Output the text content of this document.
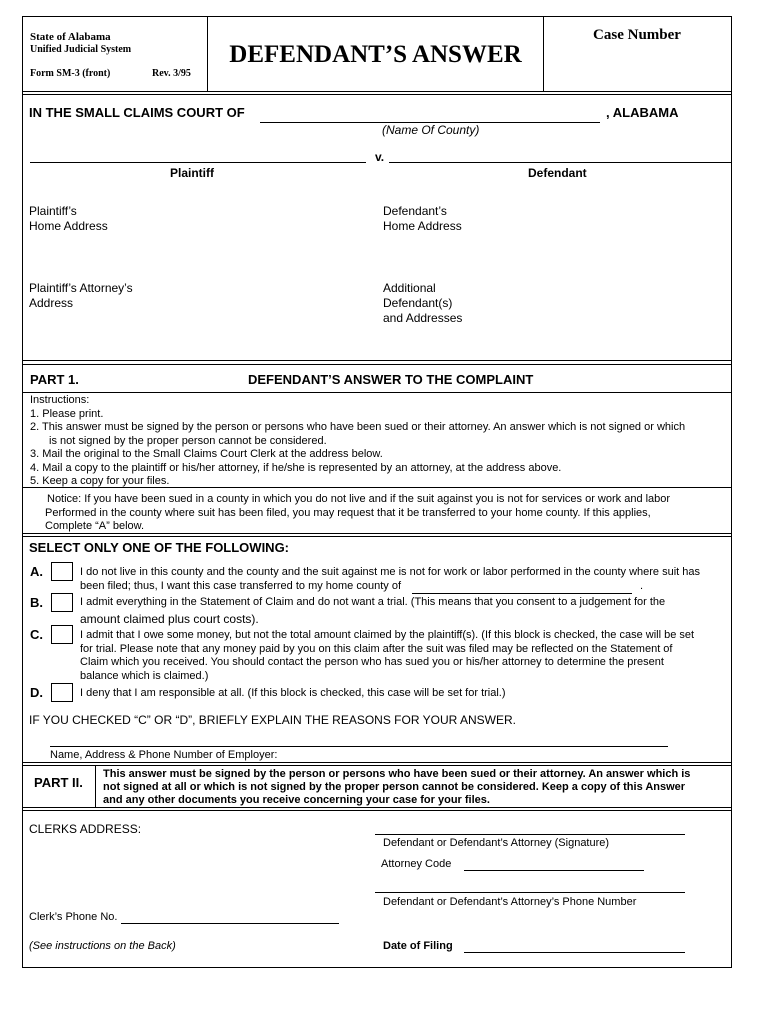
State of Alabama
Unified Judicial System
Form SM-3 (front)	Rev. 3/95
DEFENDANT’S ANSWER
Case Number
IN THE SMALL CLAIMS COURT OF	, ALABAMA
(Name Of County)
v.
Plaintiff	Defendant
Plaintiff’s
Home Address
Defendant’s
Home Address
Plaintiff’s Attorney’s
Address
Additional
Defendant(s)
and Addresses
PART 1.	DEFENDANT’S ANSWER TO THE COMPLAINT
Instructions:
1. Please print.
2. This answer must be signed by the person or persons who have been sued or their attorney. An answer which is not signed or which
is not signed by the proper person cannot be considered.
3. Mail the original to the Small Claims Court Clerk at the address below.
4. Mail a copy to the plaintiff or his/her attorney, if he/she is represented by an attorney, at the address above.
5. Keep a copy for your files.
Notice: If you have been sued in a county in which you do not live and if the suit against you is not for services or work and labor
Performed in the county where suit has been filed, you may request that it be transferred to your home county. If this applies,
Complete “A” below.
SELECT ONLY ONE OF THE FOLLOWING:
A.	I do not live in this county and the county and the suit against me is not for work or labor performed in the county where suit has
been filed; thus, I want this case transferred to my home county of	.
B.	I admit everything in the Statement of Claim and do not want a trial. (This means that you consent to a judgement for the
amount claimed plus court costs).
C.	I admit that I owe some money, but not the total amount claimed by the plaintiff(s). (If this block is checked, the case will be set
for trial. Please note that any money paid by you on this claim after the suit was filed may be reflected on the Statement of
Claim which you received. You should contact the person who has sued you or his/her attorney to determine the present
balance which is claimed.)
D.	I deny that I am responsible at all. (If this block is checked, this case will be set for trial.)
IF YOU CHECKED “C” OR “D”, BRIEFLY EXPLAIN THE REASONS FOR YOUR ANSWER.
Name, Address & Phone Number of Employer:
PART II.
This answer must be signed by the person or persons who have been sued or their attorney. An answer which is
not signed at all or which is not signed by the proper person cannot be considered. Keep a copy of this Answer
and any other documents you receive concerning your case for your files.
CLERKS ADDRESS:
Defendant or Defendant’s Attorney (Signature)
Attorney Code
Defendant or Defendant’s Attorney’s Phone Number
Clerk’s Phone No.
(See instructions on the Back)	Date of Filing
